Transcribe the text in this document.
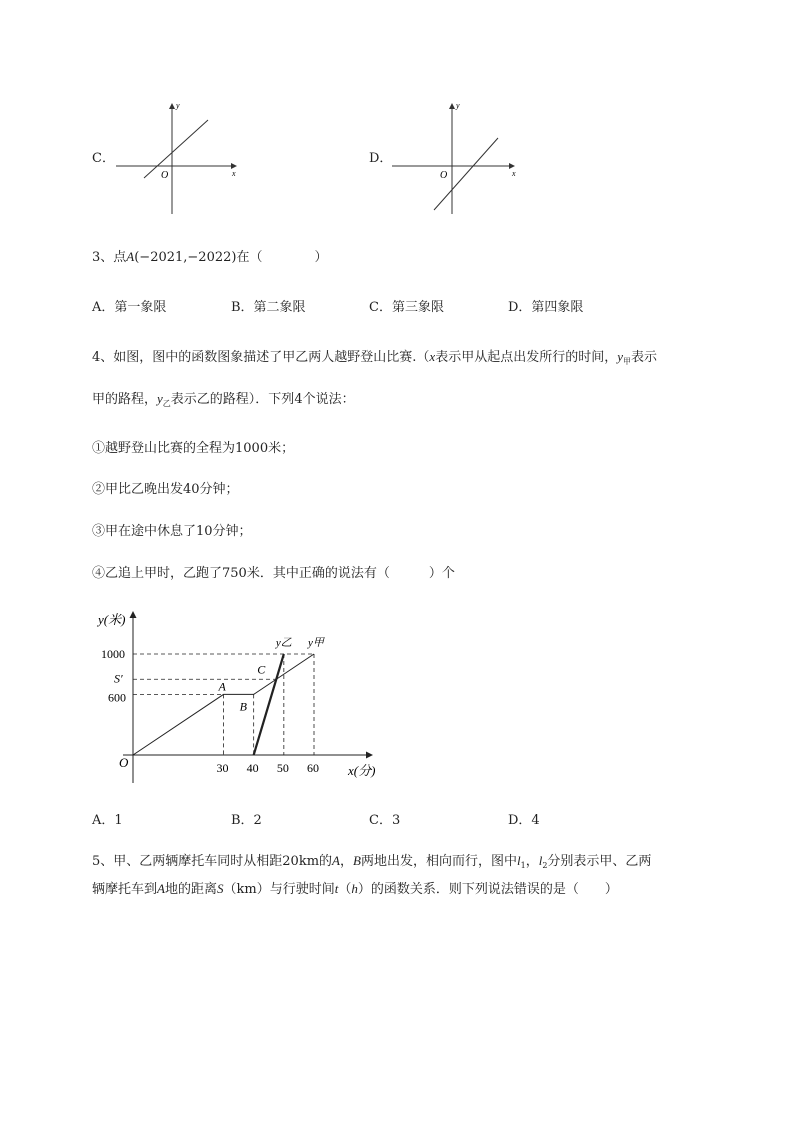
C．
y
x
O
D．
y
x
O
3、点A(−2021,−2022)在（　　　　）
A．第一象限	B．第二象限	C．第三象限	D．第四象限
4、如图，图中的函数图象描述了甲乙两人越野登山比赛.（x表示甲从起点出发所行的时间，$y_甲$表示
甲的路程，$y_乙$表示乙的路程）．下列4个说法：
①越野登山比赛的全程为1000米；
②甲比乙晚出发40分钟；
③甲在途中休息了10分钟；
④乙追上甲时，乙跑了750米．其中正确的说法有（　　　）个
30 40 50 60
1000
S′
600
y(米)
x(分)
O
A
B
C
y乙 y甲
A．1	B．2	C．3	D．4
5、甲、乙两辆摩托车同时从相距20km的A，B两地出发，相向而行，图中$l_1$，$l_2$分别表示甲、乙两
辆摩托车到A地的距离S（km）与行驶时间t（h）的函数关系．则下列说法错误的是（　　）
